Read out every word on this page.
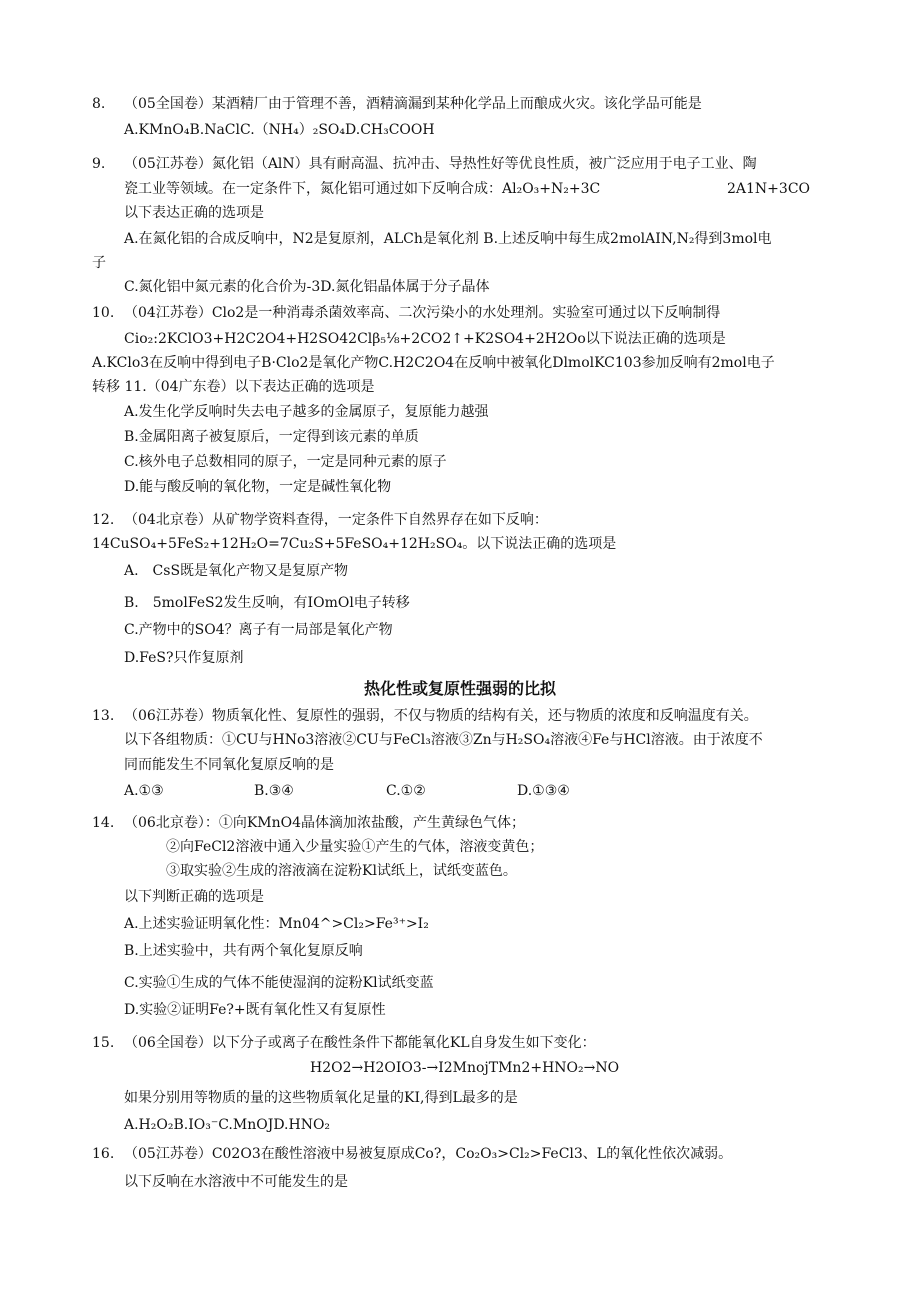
8. （05全国卷）某酒精厂由于管理不善，酒精滴漏到某种化学品上而酿成火灾。该化学品可能是
A.KMnO₄B.NaClC.（NH₄）₂SO₄D.CH₃COOH
9. （05江苏卷）氮化铝（AlN）具有耐高温、抗冲击、导热性好等优良性质，被广泛应用于电子工业、陶
瓷工业等领域。在一定条件下，氮化铝可通过如下反响合成：Al₂O₃+N₂+3C	2A1N+3CO
以下表达正确的选项是
A.在氮化铝的合成反响中，N2是复原剂，ALCh是氧化剂 B.上述反响中每生成2molAIN,N₂得到3mol电
子
C.氮化铝中氮元素的化合价为-3D.氮化铝晶体属于分子晶体
10. （04江苏卷）Clo2是一种消毒杀菌效率高、二次污染小的水处理剂。实验室可通过以下反响制得
Cio₂:2KClO3+H2C2O4+H2SO42Clβ₅⅛+2CO2↑+K2SO4+2H2Oo以下说法正确的选项是
A.KClo3在反响中得到电子B·Clo2是氧化产物C.H2C2O4在反响中被氧化DlmolKC103参加反响有2mol电子
转移 11.（04广东卷）以下表达正确的选项是
A.发生化学反响时失去电子越多的金属原子，复原能力越强
B.金属阳离子被复原后，一定得到该元素的单质
C.核外电子总数相同的原子，一定是同种元素的原子
D.能与酸反响的氧化物，一定是碱性氧化物
12. （04北京卷）从矿物学资料查得，一定条件下自然界存在如下反响：
14CuSO₄+5FeS₂+12H₂O=7Cu₂S+5FeSO₄+12H₂SO₄。以下说法正确的选项是
A.　CsS既是氧化产物又是复原产物
B.　5molFeS2发生反响，有IOmOl电子转移
C.产物中的SO4？离子有一局部是氧化产物
D.FeS?只作复原剂
热化性或复原性强弱的比拟
13. （06江苏卷）物质氧化性、复原性的强弱，不仅与物质的结构有关，还与物质的浓度和反响温度有关。
以下各组物质：①CU与HNo3溶液②CU与FeCl₃溶液③Zn与H₂SO₄溶液④Fe与HCl溶液。由于浓度不
同而能发生不同氧化复原反响的是
A.①③	B.③④	C.①②	D.①③④
14. （06北京卷）：①向KMnO4晶体滴加浓盐酸，产生黄绿色气体；
②向FeCl2溶液中通入少量实验①产生的气体，溶液变黄色；
③取实验②生成的溶液滴在淀粉Kl试纸上，试纸变蓝色。
以下判断正确的选项是
A.上述实验证明氧化性：Mn04^>Cl₂>Fe³⁺>I₂
B.上述实验中，共有两个氧化复原反响
C.实验①生成的气体不能使湿润的淀粉Kl试纸变蓝
D.实验②证明Fe?+既有氧化性又有复原性
15. （06全国卷）以下分子或离子在酸性条件下都能氧化KL自身发生如下变化：
H2O2→H2OIO3-→I2MnojTMn2+HNO₂→NO
如果分别用等物质的量的这些物质氧化足量的KI,得到L最多的是
A.H₂O₂B.IO₃⁻C.MnOJD.HNO₂
16. （05江苏卷）C02O3在酸性溶液中易被复原成Co?，Co₂O₃>Cl₂>FeCl3、L的氧化性依次减弱。
以下反响在水溶液中不可能发生的是
